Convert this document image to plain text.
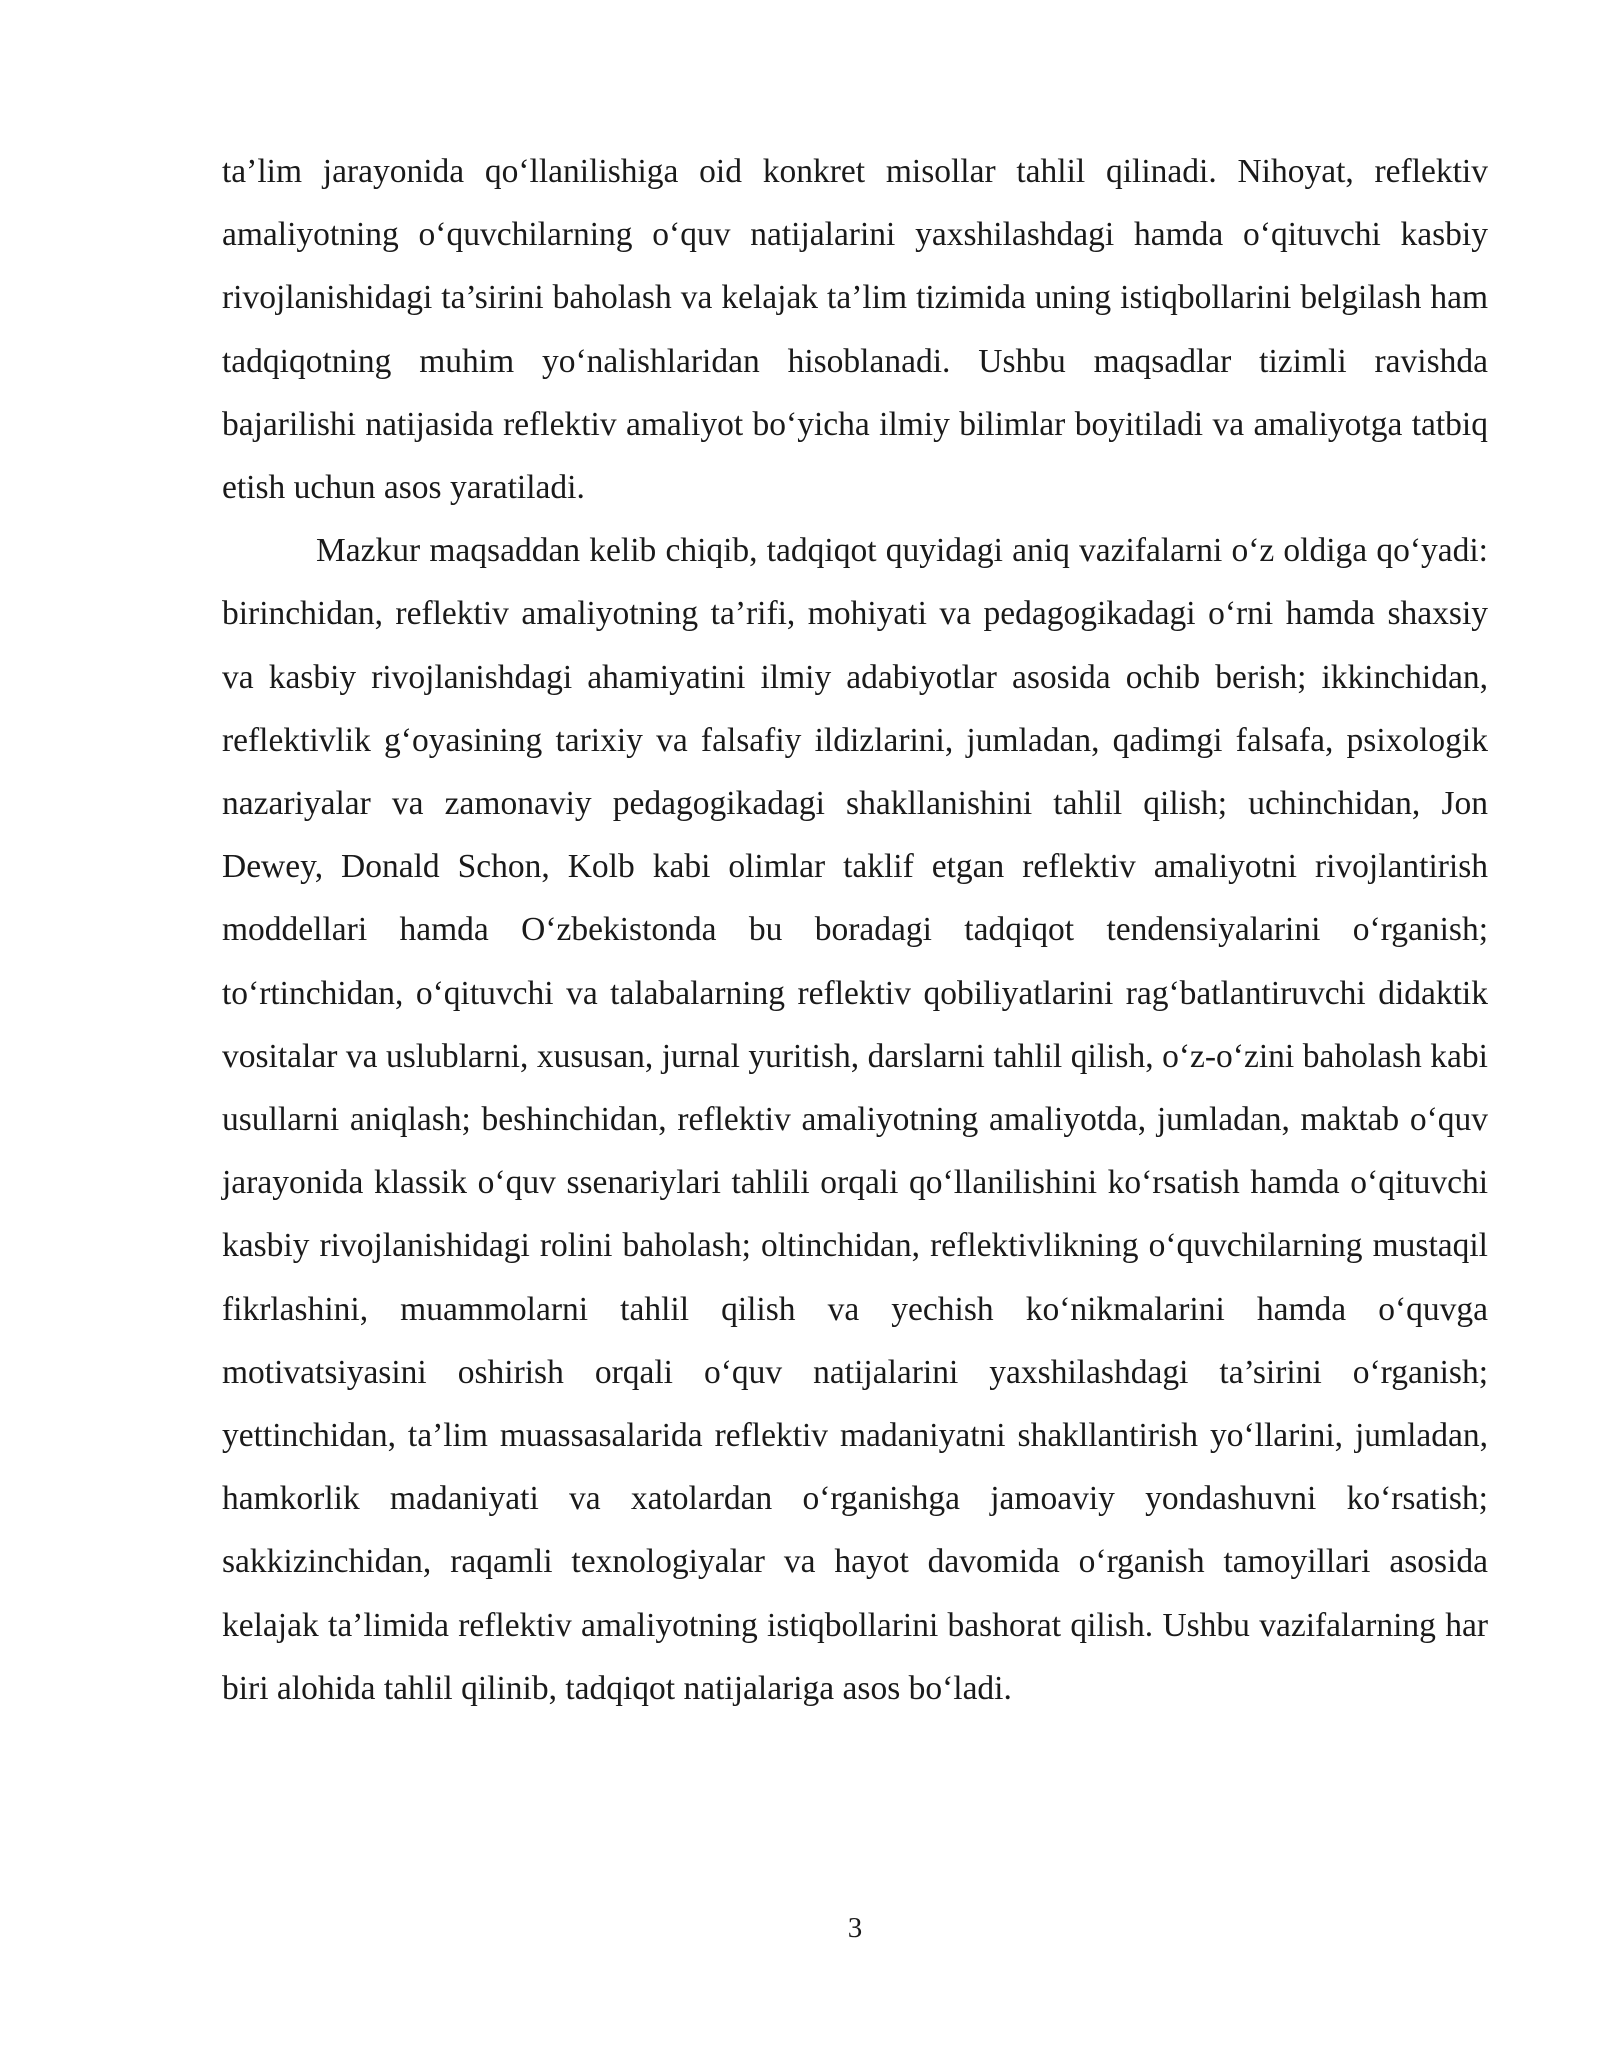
ta’lim jarayonida qo‘llanilishiga oid konkret misollar tahlil qilinadi. Nihoyat, reflektiv amaliyotning o‘quvchilarning o‘quv natijalarini yaxshilashdagi hamda o‘qituvchi kasbiy rivojlanishidagi ta’sirini baholash va kelajak ta’lim tizimida uning istiqbollarini belgilash ham tadqiqotning muhim yo‘nalishlaridan hisoblanadi. Ushbu maqsadlar tizimli ravishda bajarilishi natijasida reflektiv amaliyot bo‘yicha ilmiy bilimlar boyitiladi va amaliyotga tatbiq etish uchun asos yaratiladi.

Mazkur maqsaddan kelib chiqib, tadqiqot quyidagi aniq vazifalarni o‘z oldiga qo‘yadi: birinchidan, reflektiv amaliyotning ta’rifi, mohiyati va pedagogikadagi o‘rni hamda shaxsiy va kasbiy rivojlanishdagi ahamiyatini ilmiy adabiyotlar asosida ochib berish; ikkinchidan, reflektivlik g‘oyasining tarixiy va falsafiy ildizlarini, jumladan, qadimgi falsafa, psixologik nazariyalar va zamonaviy pedagogikadagi shakllanishini tahlil qilish; uchinchidan, Jon Dewey, Donald Schon, Kolb kabi olimlar taklif etgan reflektiv amaliyotni rivojlantirish moddellari hamda O‘zbekistonda bu boradagi tadqiqot tendensiyalarini o‘rganish; to‘rtinchidan, o‘qituvchi va talabalarning reflektiv qobiliyatlarini rag‘batlantiruvchi didaktik vositalar va uslublarni, xususan, jurnal yuritish, darslarni tahlil qilish, o‘z-o‘zini baholash kabi usullarni aniqlash; beshinchidan, reflektiv amaliyotning amaliyotda, jumladan, maktab o‘quv jarayonida klassik o‘quv ssenariylari tahlili orqali qo‘llanilishini ko‘rsatish hamda o‘qituvchi kasbiy rivojlanishidagi rolini baholash; oltinchidan, reflektivlikning o‘quvchilarning mustaqil fikrlashini, muammolarni tahlil qilish va yechish ko‘nikmalarini hamda o‘quvga motivatsiyasini oshirish orqali o‘quv natijalarini yaxshilashdagi ta’sirini o‘rganish; yettinchidan, ta’lim muassasalarida reflektiv madaniyatni shakllantirish yo‘llarini, jumladan, hamkorlik madaniyati va xatolardan o‘rganishga jamoaviy yondashuvni ko‘rsatish; sakkizinchidan, raqamli texnologiyalar va hayot davomida o‘rganish tamoyillari asosida kelajak ta’limida reflektiv amaliyotning istiqbollarini bashorat qilish. Ushbu vazifalarning har biri alohida tahlil qilinib, tadqiqot natijalariga asos bo‘ladi.

3
